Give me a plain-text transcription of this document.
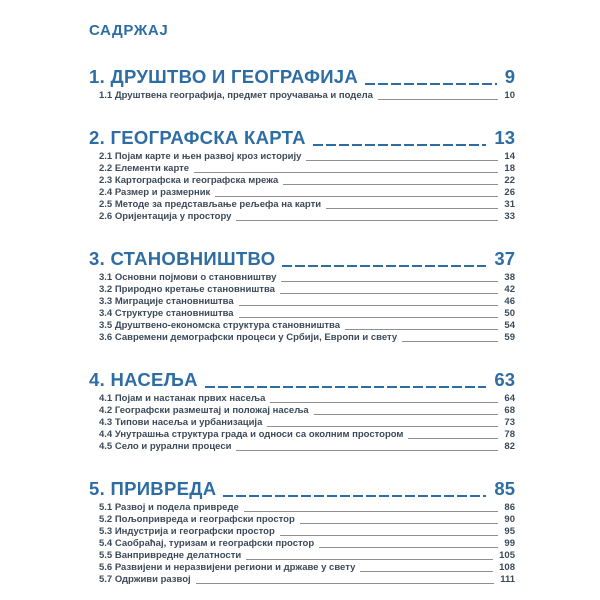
САДРЖАЈ
1. ДРУШТВО И ГЕОГРАФИЈА	9
1.1 Друштвена географија, предмет проучавања и подела	10
2. ГЕОГРАФСКА КАРТА	13
2.1 Појам карте и њен развој кроз историју	14
2.2 Елементи карте	18
2.3 Картографска и географска мрежа	22
2.4 Размер и размерник	26
2.5 Методе за представљање рељефа на карти	31
2.6 Оријентација у простору	33
3. СТАНОВНИШТВО	37
3.1 Основни појмови о становништву	38
3.2 Природно кретање становништва	42
3.3 Миграције становништва	46
3.4 Структуре становништва	50
3.5 Друштвено-економска структура становништва	54
3.6 Савремени демографски процеси у Србији, Европи и свету	59
4. НАСЕЉА	63
4.1 Појам и настанак првих насеља	64
4.2 Географски размештај и положај насеља	68
4.3 Типови насеља и урбанизација	73
4.4 Унутрашња структура града и односи са околним простором	78
4.5 Село и рурални процеси	82
5. ПРИВРЕДА	85
5.1 Развој и подела привреде	86
5.2 Пољопривреда и географски простор	90
5.3 Индустрија и географски простор	95
5.4 Саобраћај, туризам и географски простор	99
5.5 Ванпривредне делатности	105
5.6 Развијени и неразвијени региони и државе у свету	108
5.7 Одрживи развој	111
